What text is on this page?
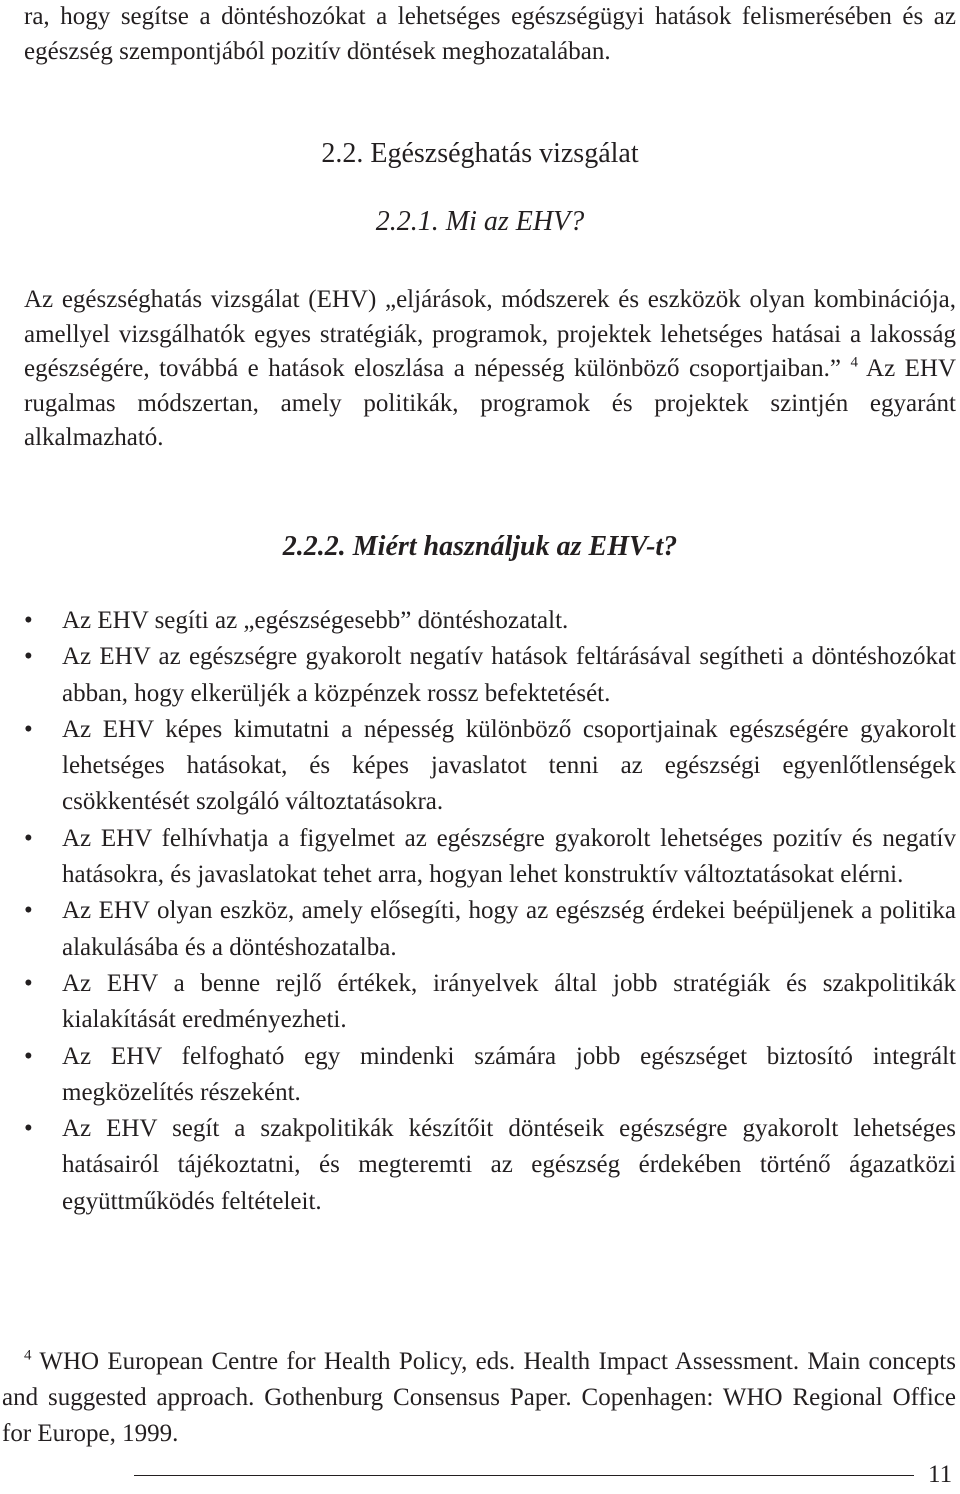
ra, hogy segítse a döntéshozókat a lehetséges egészségügyi hatások felismerésében és az egészség szempontjából pozitív döntések meghozatalában.

2.2. Egészséghatás vizsgálat
2.2.1. Mi az EHV?

Az egészséghatás vizsgálat (EHV) „eljárások, módszerek és eszközök olyan kombinációja, amellyel vizsgálhatók egyes stratégiák, programok, projektek lehetséges hatásai a lakosság egészségére, továbbá e hatások eloszlása a népesség különböző csoportjaiban.” $^4$ Az EHV rugalmas módszertan, amely politikák, programok és projektek szintjén egyaránt alkalmazható.

2.2.2. Miért használjuk az EHV-t?
• Az EHV segíti az „egészségesebb” döntéshozatalt.
• Az EHV az egészségre gyakorolt negatív hatások feltárásával segítheti a döntéshozókat abban, hogy elkerüljék a közpénzek rossz befektetését.
• Az EHV képes kimutatni a népesség különböző csoportjainak egészségére gyakorolt lehetséges hatásokat, és képes javaslatot tenni az egészségi egyenlőtlenségek csökkentését szolgáló változtatásokra.
• Az EHV felhívhatja a figyelmet az egészségre gyakorolt lehetséges pozitív és negatív hatásokra, és javaslatokat tehet arra, hogyan lehet konstruktív változtatásokat elérni.
• Az EHV olyan eszköz, amely elősegíti, hogy az egészség érdekei beépüljenek a politika alakulásába és a döntéshozatalba.
• Az EHV a benne rejlő értékek, irányelvek által jobb stratégiák és szakpolitikák kialakítását eredményezheti.
• Az EHV felfogható egy mindenki számára jobb egészséget biztosító integrált megközelítés részeként.
• Az EHV segít a szakpolitikák készítőit döntéseik egészségre gyakorolt lehetséges hatásairól tájékoztatni, és megteremti az egészség érdekében történő ágazatközi együttműködés feltételeit.

$^4$ WHO European Centre for Health Policy, eds. Health Impact Assessment. Main concepts and suggested approach. Gothenburg Consensus Paper. Copenhagen: WHO Regional Office for Europe, 1999.

11
